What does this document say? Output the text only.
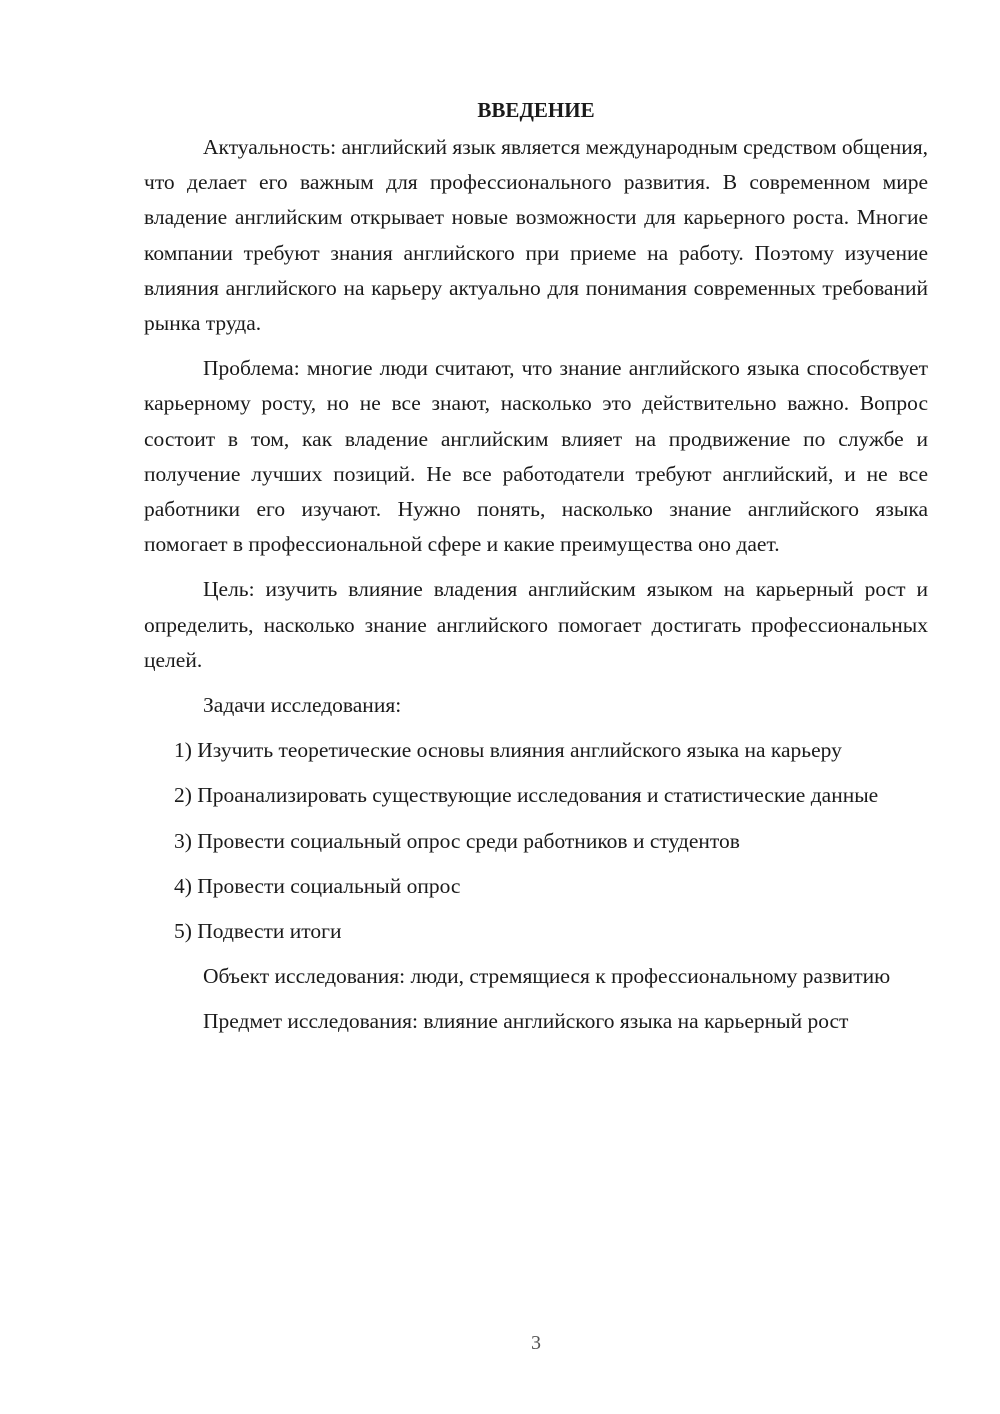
ВВЕДЕНИЕ

Актуальность: английский язык является международным средством общения, что делает его важным для профессионального развития. В современном мире владение английским открывает новые возможности для карьерного роста. Многие компании требуют знания английского при приеме на работу. Поэтому изучение влияния английского на карьеру актуально для понимания современных требований рынка труда.

Проблема: многие люди считают, что знание английского языка способствует карьерному росту, но не все знают, насколько это действительно важно. Вопрос состоит в том, как владение английским влияет на продвижение по службе и получение лучших позиций. Не все работодатели требуют английский, и не все работники его изучают. Нужно понять, насколько знание английского языка помогает в профессиональной сфере и какие преимущества оно дает.

Цель: изучить влияние владения английским языком на карьерный рост и определить, насколько знание английского помогает достигать профессиональных целей.

Задачи исследования:

1) Изучить теоретические основы влияния английского языка на карьеру

2) Проанализировать существующие исследования и статистические данные

3) Провести социальный опрос среди работников и студентов

4) Провести социальный опрос

5) Подвести итоги

Объект исследования: люди, стремящиеся к профессиональному развитию

Предмет исследования: влияние английского языка на карьерный рост

3
